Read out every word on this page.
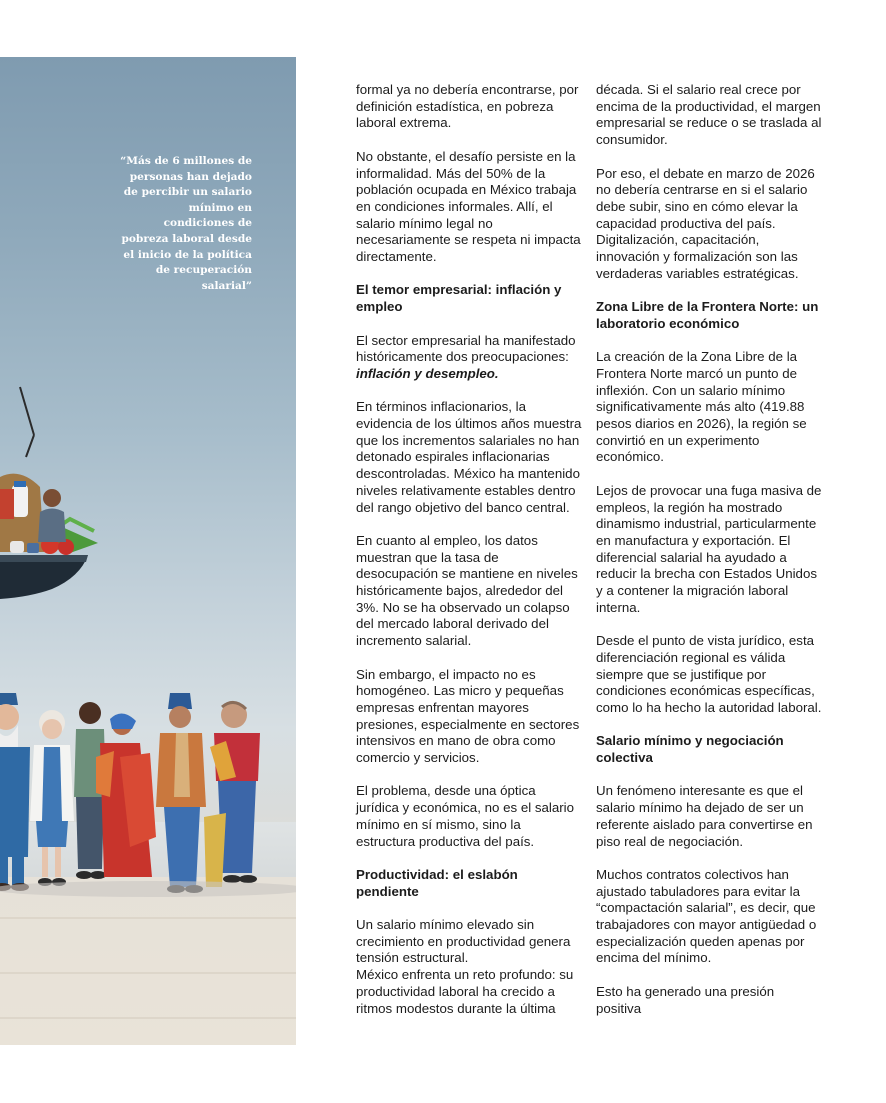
“Más de 6 millones de personas han dejado de percibir un salario mínimo en condiciones de pobreza laboral desde el inicio de la política de recuperación salarial”

formal ya no debería encontrarse, por definición estadística, en pobreza laboral extrema.

No obstante, el desafío persiste en la informalidad. Más del 50% de la población ocupada en México trabaja en condiciones informales. Allí, el salario mínimo legal no necesariamente se respeta ni impacta directamente.

El temor empresarial: inflación y empleo

El sector empresarial ha manifestado históricamente dos preocupaciones: inflación y desempleo.

En términos inflacionarios, la evidencia de los últimos años muestra que los incrementos salariales no han detonado espirales inflacionarias descontroladas. México ha mantenido niveles relativamente estables dentro del rango objetivo del banco central.

En cuanto al empleo, los datos muestran que la tasa de desocupación se mantiene en niveles históricamente bajos, alrededor del 3%. No se ha observado un colapso del mercado laboral derivado del incremento salarial.

Sin embargo, el impacto no es homogéneo. Las micro y pequeñas empresas enfrentan mayores presiones, especialmente en sectores intensivos en mano de obra como comercio y servicios.

El problema, desde una óptica jurídica y económica, no es el salario mínimo en sí mismo, sino la estructura productiva del país.

Productividad: el eslabón pendiente

Un salario mínimo elevado sin crecimiento en productividad genera tensión estructural.

México enfrenta un reto profundo: su productividad laboral ha crecido a ritmos modestos durante la última

década. Si el salario real crece por encima de la productividad, el margen empresarial se reduce o se traslada al consumidor.

Por eso, el debate en marzo de 2026 no debería centrarse en si el salario debe subir, sino en cómo elevar la capacidad productiva del país. Digitalización, capacitación, innovación y formalización son las verdaderas variables estratégicas.

Zona Libre de la Frontera Norte: un laboratorio económico

La creación de la Zona Libre de la Frontera Norte marcó un punto de inflexión. Con un salario mínimo significativamente más alto (419.88 pesos diarios en 2026), la región se convirtió en un experimento económico.

Lejos de provocar una fuga masiva de empleos, la región ha mostrado dinamismo industrial, particularmente en manufactura y exportación. El diferencial salarial ha ayudado a reducir la brecha con Estados Unidos y a contener la migración laboral interna.

Desde el punto de vista jurídico, esta diferenciación regional es válida siempre que se justifique por condiciones económicas específicas, como lo ha hecho la autoridad laboral.

Salario mínimo y negociación colectiva

Un fenómeno interesante es que el salario mínimo ha dejado de ser un referente aislado para convertirse en piso real de negociación.

Muchos contratos colectivos han ajustado tabuladores para evitar la “compactación salarial”, es decir, que trabajadores con mayor antigüedad o especialización queden apenas por encima del mínimo.

Esto ha generado una presión positiva
